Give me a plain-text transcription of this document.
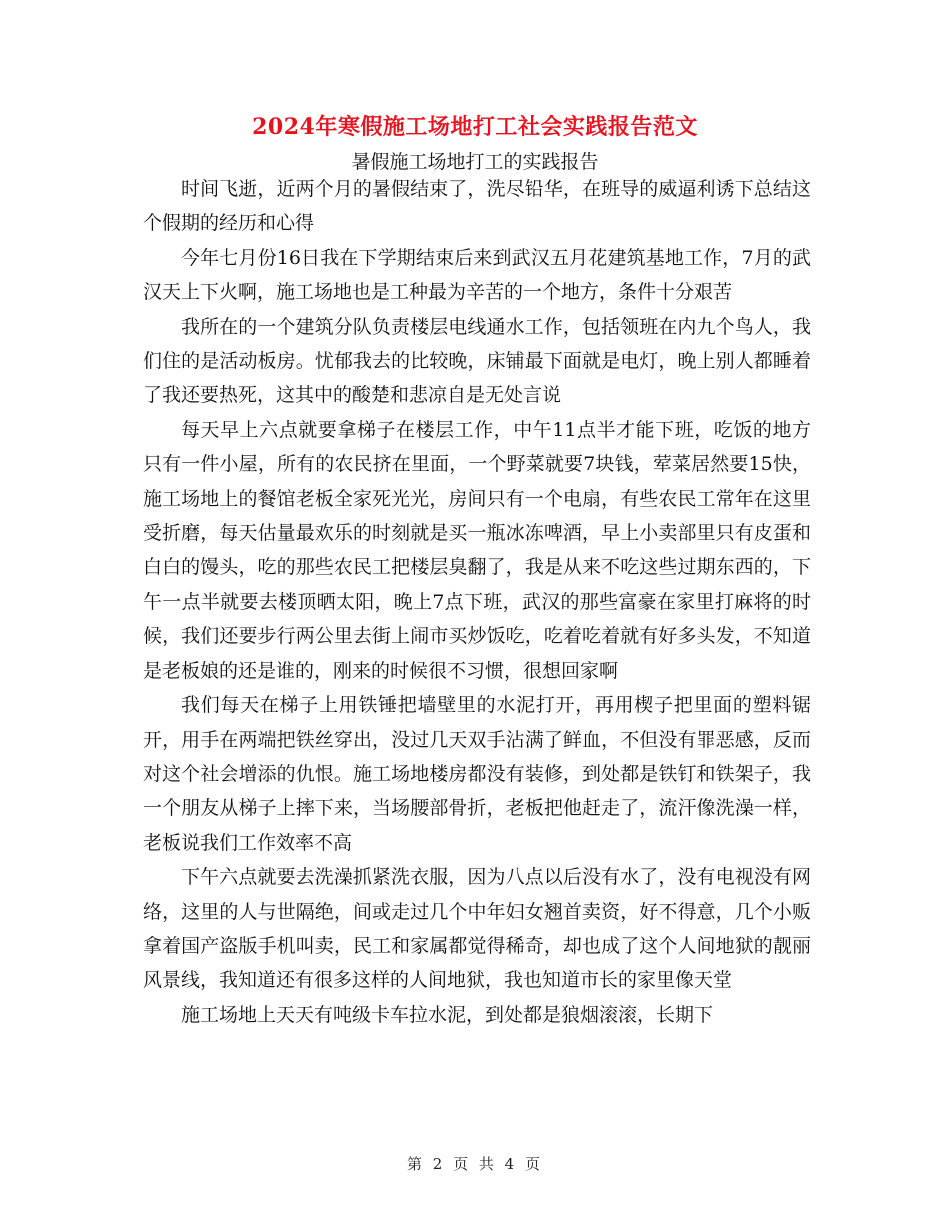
2024年寒假施工场地打工社会实践报告范文
暑假施工场地打工的实践报告

时间飞逝，近两个月的暑假结束了，洗尽铅华，在班导的威逼利诱下总结这个假期的经历和心得

今年七月份16日我在下学期结束后来到武汉五月花建筑基地工作，7月的武汉天上下火啊，施工场地也是工种最为辛苦的一个地方，条件十分艰苦

我所在的一个建筑分队负责楼层电线通水工作，包括领班在内九个鸟人，我们住的是活动板房。忧郁我去的比较晚，床铺最下面就是电灯，晚上别人都睡着了我还要热死，这其中的酸楚和悲凉自是无处言说

每天早上六点就要拿梯子在楼层工作，中午11点半才能下班，吃饭的地方只有一件小屋，所有的农民挤在里面，一个野菜就要7块钱，荤菜居然要15快，施工场地上的餐馆老板全家死光光，房间只有一个电扇，有些农民工常年在这里受折磨，每天估量最欢乐的时刻就是买一瓶冰冻啤酒，早上小卖部里只有皮蛋和白白的馒头，吃的那些农民工把楼层臭翻了，我是从来不吃这些过期东西的，下午一点半就要去楼顶晒太阳，晚上7点下班，武汉的那些富豪在家里打麻将的时候，我们还要步行两公里去街上闹市买炒饭吃，吃着吃着就有好多头发，不知道是老板娘的还是谁的，刚来的时候很不习惯，很想回家啊

我们每天在梯子上用铁锤把墙壁里的水泥打开，再用楔子把里面的塑料锯开，用手在两端把铁丝穿出，没过几天双手沾满了鲜血，不但没有罪恶感，反而对这个社会增添的仇恨。施工场地楼房都没有装修，到处都是铁钉和铁架子，我一个朋友从梯子上摔下来，当场腰部骨折，老板把他赶走了，流汗像洗澡一样，老板说我们工作效率不高

下午六点就要去洗澡抓紧洗衣服，因为八点以后没有水了，没有电视没有网络，这里的人与世隔绝，间或走过几个中年妇女翘首卖资，好不得意，几个小贩拿着国产盗版手机叫卖，民工和家属都觉得稀奇，却也成了这个人间地狱的靓丽风景线，我知道还有很多这样的人间地狱，我也知道市长的家里像天堂

施工场地上天天有吨级卡车拉水泥，到处都是狼烟滚滚，长期下

第 2 页 共 4 页
